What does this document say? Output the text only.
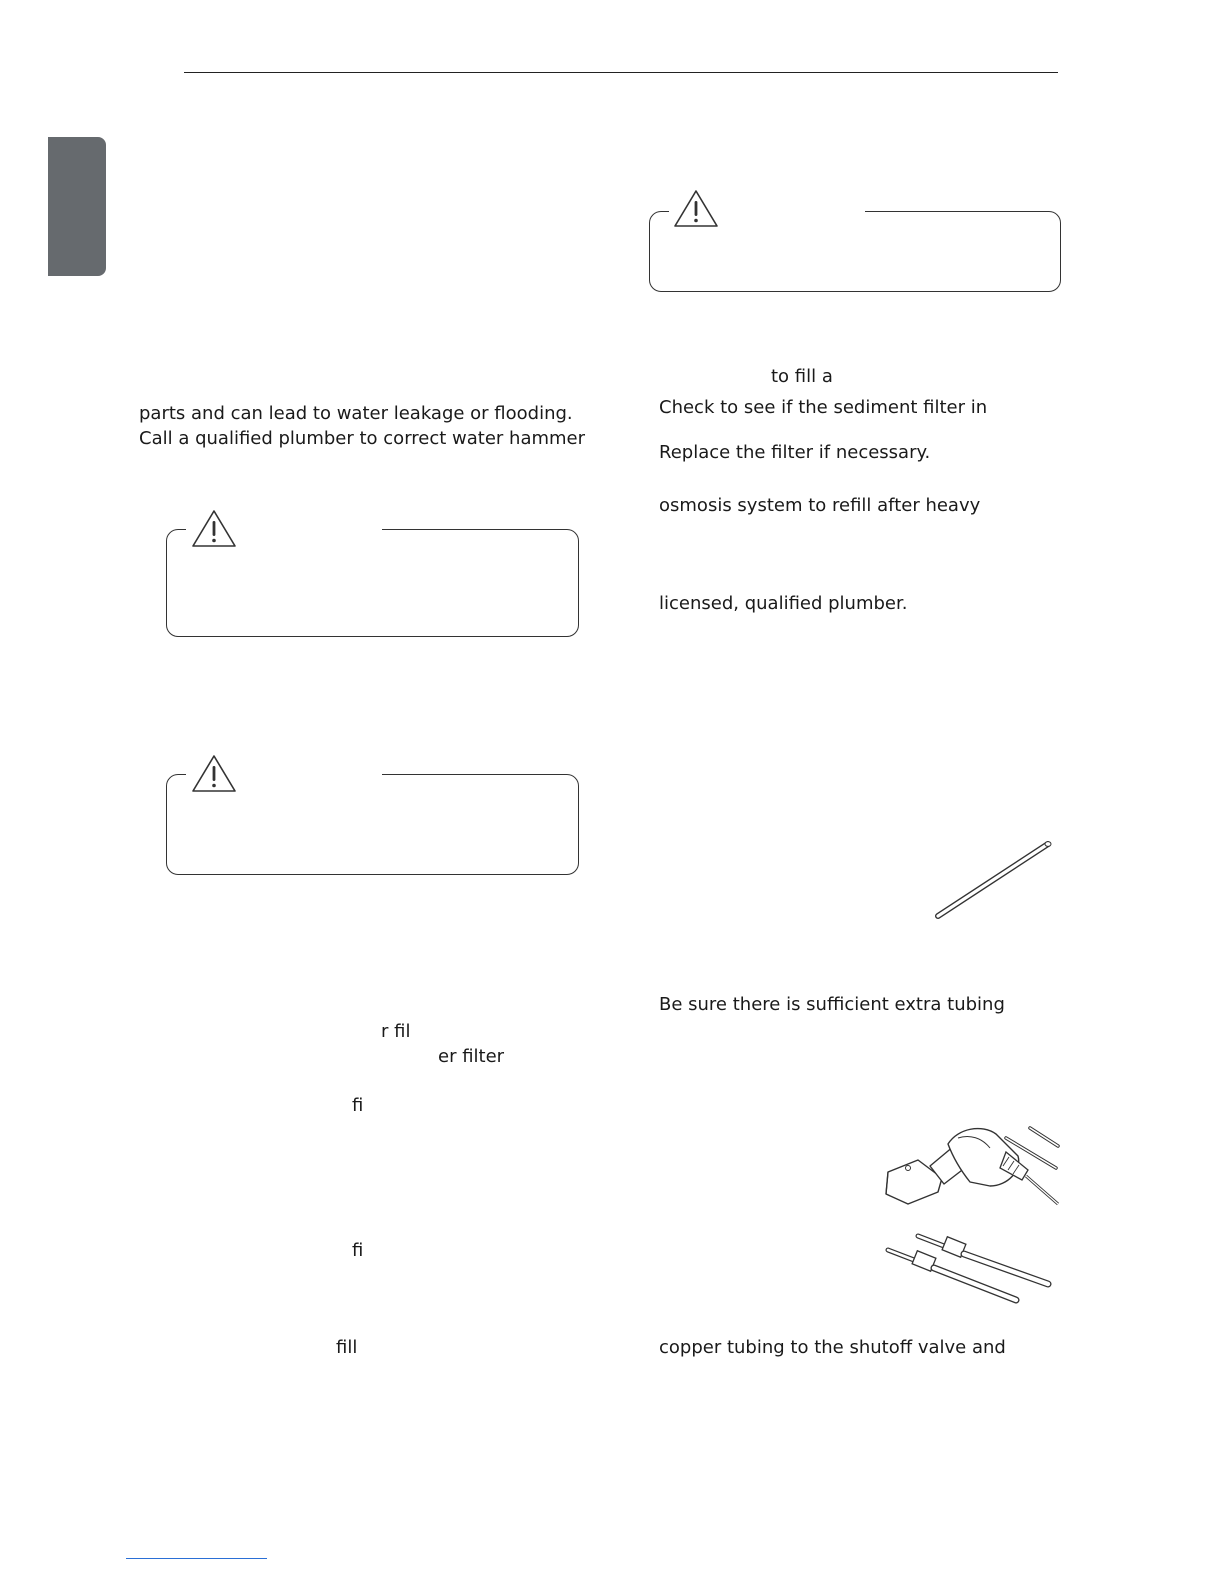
parts and can lead to water leakage or flooding.
Call a qualified plumber to correct water hammer
r fil
er filter
fi
fi
fill
to fill a
Check to see if the sediment filter in
Replace the filter if necessary.
osmosis system to refill after heavy
licensed, qualified plumber.
Be sure there is sufficient extra tubing
copper tubing to the shutoff valve and
